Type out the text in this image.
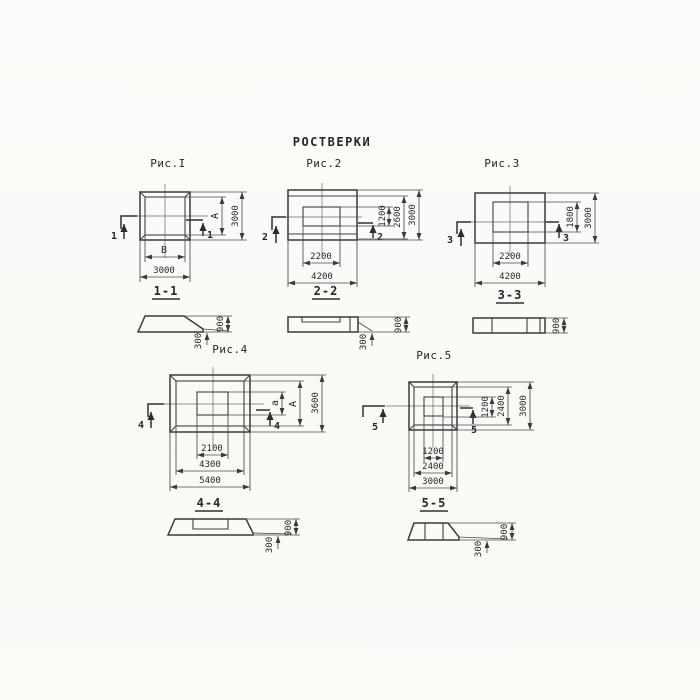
РОСТВЕРКИ
Рис.I
1	1
А 3000
В
3000
1-1
900
300
Рис.2
2	2
1200 2600 3000
2200
4200
2-2
900
300
Рис.3
3	3
1800 3000
2200
4200
3-3
900
Рис.4
4	4
а А 3600
2100
4300
5400
4-4
900
300
Рис.5
5	5
1200 2400 3000
1200
2400
3000
5-5
900
300
